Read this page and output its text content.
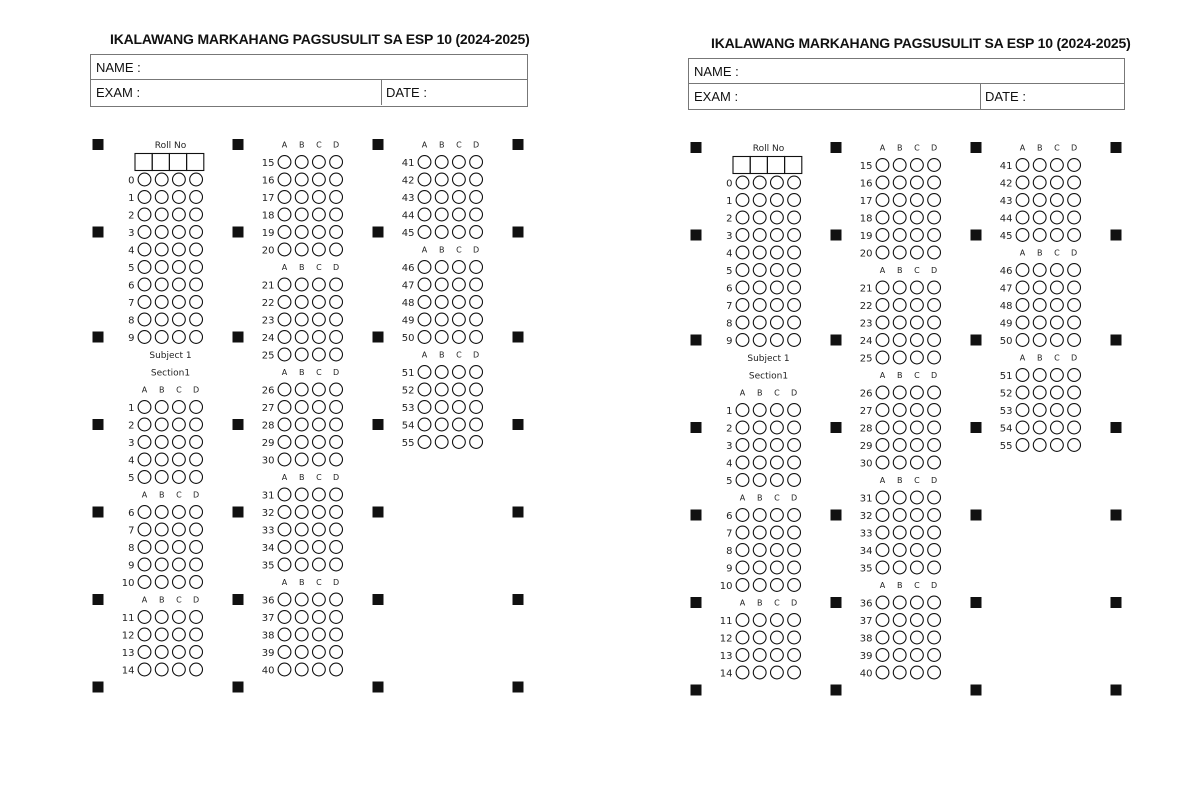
IKALAWANG MARKAHANG PAGSUSULIT SA ESP 10 (2024-2025)
NAME :
EXAM :	DATE :
Roll No
0
1
2
3
4
5
6
7
8
9
Subject 1
Section1
A B C D
1
2
3
4
5
A B C D
6
7
8
9
10
A B C D
11
12
13
14
A B C D
15
16
17
18
19
20
A B C D
21
22
23
24
25
A B C D
26
27
28
29
30
A B C D
31
32
33
34
35
A B C D
36
37
38
39
40
A B C D
41
42
43
44
45
A B C D
46
47
48
49
50
A B C D
51
52
53
54
55
IKALAWANG MARKAHANG PAGSUSULIT SA ESP 10 (2024-2025)
NAME :
EXAM :	DATE :
Roll No
0
1
2
3
4
5
6
7
8
9
Subject 1
Section1
A B C D
1
2
3
4
5
A B C D
6
7
8
9
10
A B C D
11
12
13
14
A B C D
15
16
17
18
19
20
A B C D
21
22
23
24
25
A B C D
26
27
28
29
30
A B C D
31
32
33
34
35
A B C D
36
37
38
39
40
A B C D
41
42
43
44
45
A B C D
46
47
48
49
50
A B C D
51
52
53
54
55
